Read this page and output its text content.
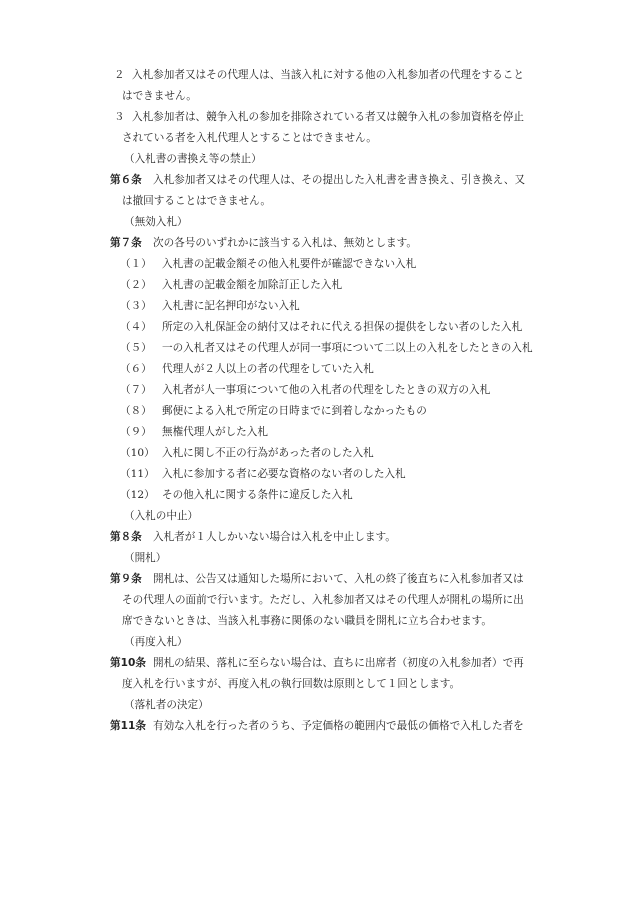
２ 入札参加者又はその代理人は、当該入札に対する他の入札参加者の代理をすること
はできません。
３ 入札参加者は、競争入札の参加を排除されている者又は競争入札の参加資格を停止
されている者を入札代理人とすることはできません。
（入札書の書換え等の禁止）
第６条 入札参加者又はその代理人は、その提出した入札書を書き換え、引き換え、又
は撤回することはできません。
（無効入札）
第７条 次の各号のいずれかに該当する入札は、無効とします。
（１） 入札書の記載金額その他入札要件が確認できない入札
（２） 入札書の記載金額を加除訂正した入札
（３） 入札書に記名押印がない入札
（４） 所定の入札保証金の納付又はそれに代える担保の提供をしない者のした入札
（５） 一の入札者又はその代理人が同一事項について二以上の入札をしたときの入札
（６） 代理人が２人以上の者の代理をしていた入札
（７） 入札者が人一事項について他の入札者の代理をしたときの双方の入札
（８） 郵便による入札で所定の日時までに到着しなかったもの
（９） 無権代理人がした入札
（10） 入札に関し不正の行為があった者のした入札
（11） 入札に参加する者に必要な資格のない者のした入札
（12） その他入札に関する条件に違反した入札
（入札の中止）
第８条 入札者が１人しかいない場合は入札を中止します。
（開札）
第９条 開札は、公告又は通知した場所において、入札の終了後直ちに入札参加者又は
その代理人の面前で行います。ただし、入札参加者又はその代理人が開札の場所に出
席できないときは、当該入札事務に関係のない職員を開札に立ち合わせます。
（再度入札）
第10条 開札の結果、落札に至らない場合は、直ちに出席者（初度の入札参加者）で再
度入札を行いますが、再度入札の執行回数は原則として１回とします。
（落札者の決定）
第11条 有効な入札を行った者のうち、予定価格の範囲内で最低の価格で入札した者を
